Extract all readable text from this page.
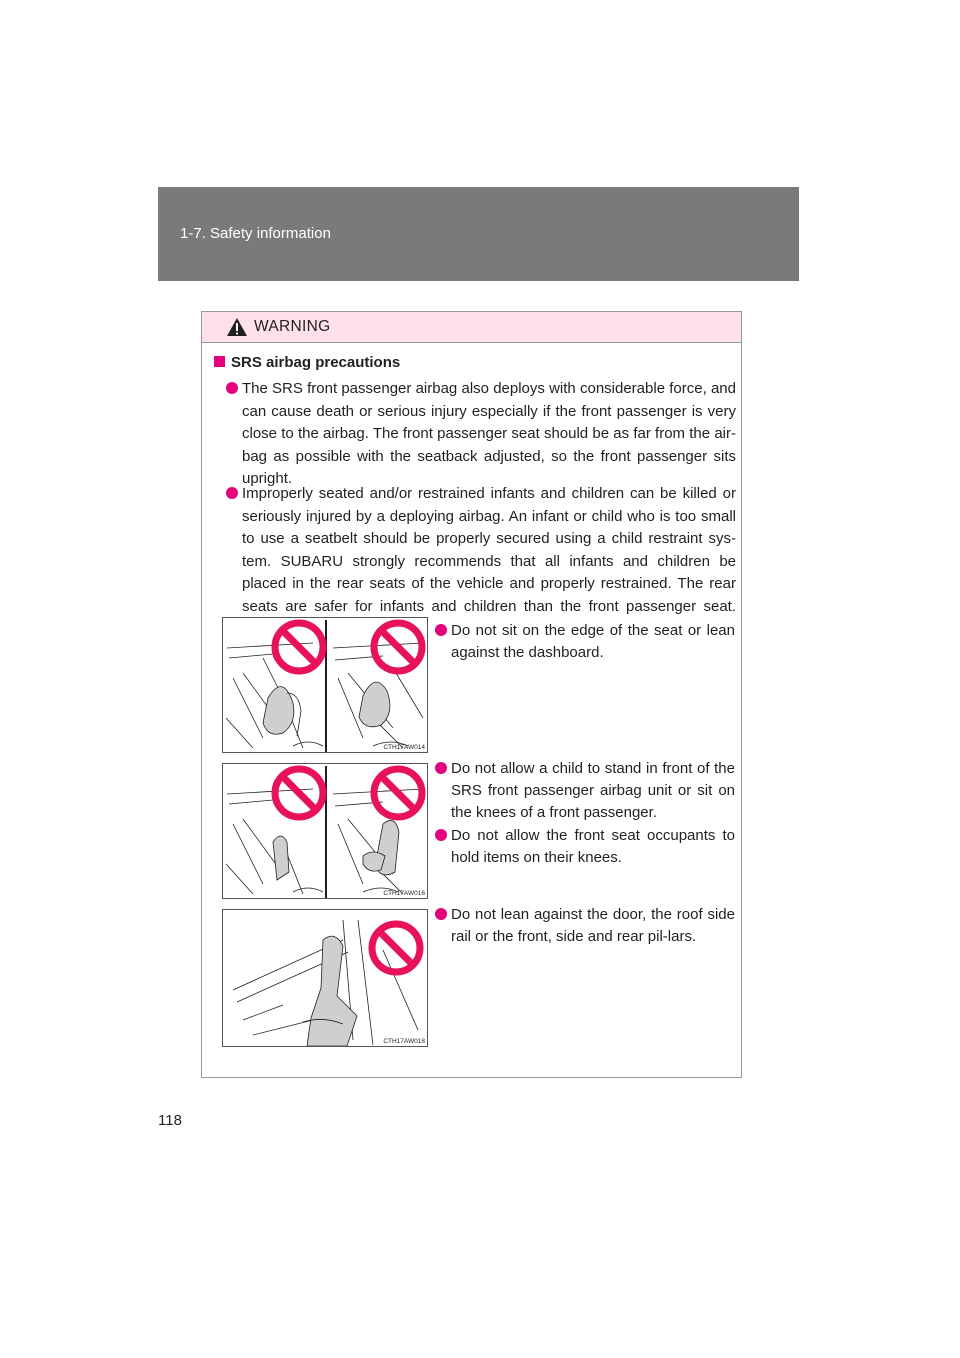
1-7. Safety information
WARNING
SRS airbag precautions
The SRS front passenger airbag also deploys with considerable force, and can cause death or serious injury especially if the front passenger is very close to the airbag. The front passenger seat should be as far from the air-bag as possible with the seatback adjusted, so the front passenger sits upright.
Improperly seated and/or restrained infants and children can be killed or seriously injured by a deploying airbag. An infant or child who is too small to use a seatbelt should be properly secured using a child restraint sys-tem. SUBARU strongly recommends that all infants and children be placed in the rear seats of the vehicle and properly restrained. The rear seats are safer for infants and children than the front passenger seat.
CTH17AW014
CTH17AW016
CTH17AW018
Do not sit on the edge of the seat or lean against the dashboard.
Do not allow a child to stand in front of the SRS front passenger airbag unit or sit on the knees of a front passenger.
Do not allow the front seat occupants to hold items on their knees.
Do not lean against the door, the roof side rail or the front, side and rear pil-lars.
118
